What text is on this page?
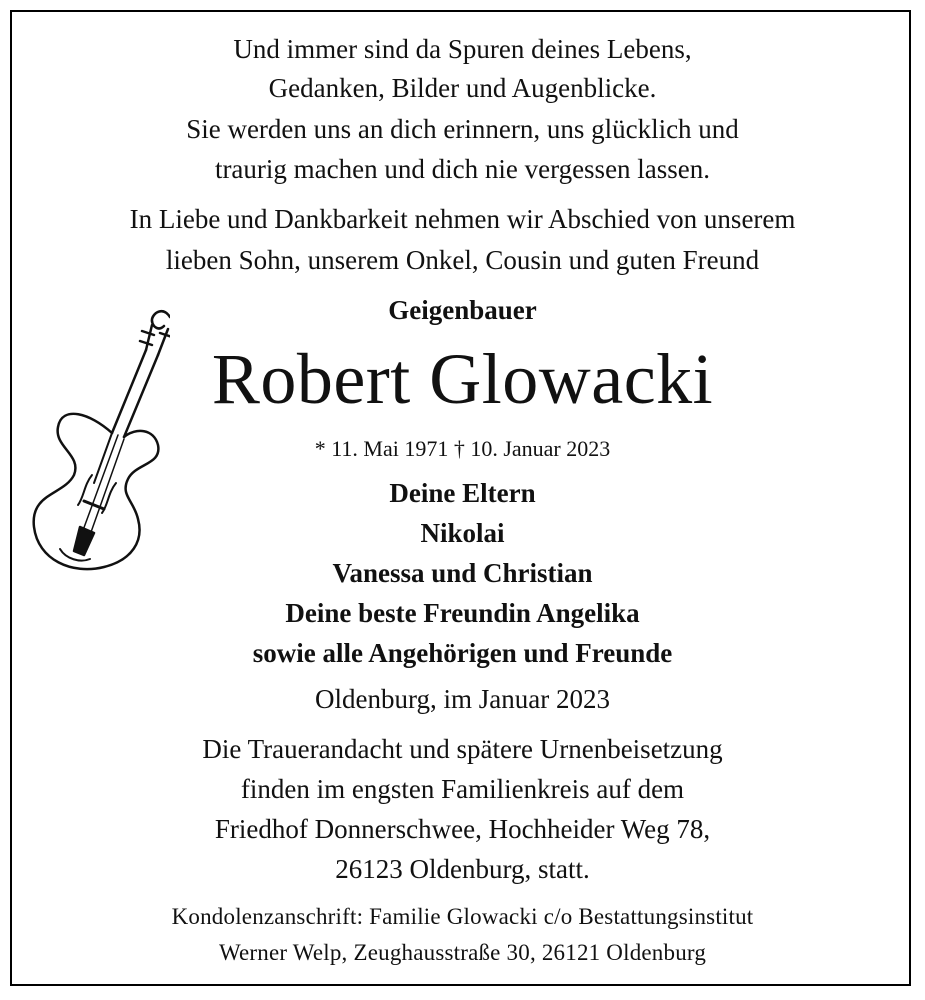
Und immer sind da Spuren deines Lebens,
Gedanken, Bilder und Augenblicke.
Sie werden uns an dich erinnern, uns glücklich und
traurig machen und dich nie vergessen lassen.
In Liebe und Dankbarkeit nehmen wir Abschied von unserem
lieben Sohn, unserem Onkel, Cousin und guten Freund
Geigenbauer
Robert Glowacki
* 11. Mai 1971 † 10. Januar 2023
Deine Eltern
Nikolai
Vanessa und Christian
Deine beste Freundin Angelika
sowie alle Angehörigen und Freunde
Oldenburg, im Januar 2023
Die Trauerandacht und spätere Urnenbeisetzung
finden im engsten Familienkreis auf dem
Friedhof Donnerschwee, Hochheider Weg 78,
26123 Oldenburg, statt.
Kondolenzanschrift: Familie Glowacki c/o Bestattungsinstitut
Werner Welp, Zeughausstraße 30, 26121 Oldenburg
